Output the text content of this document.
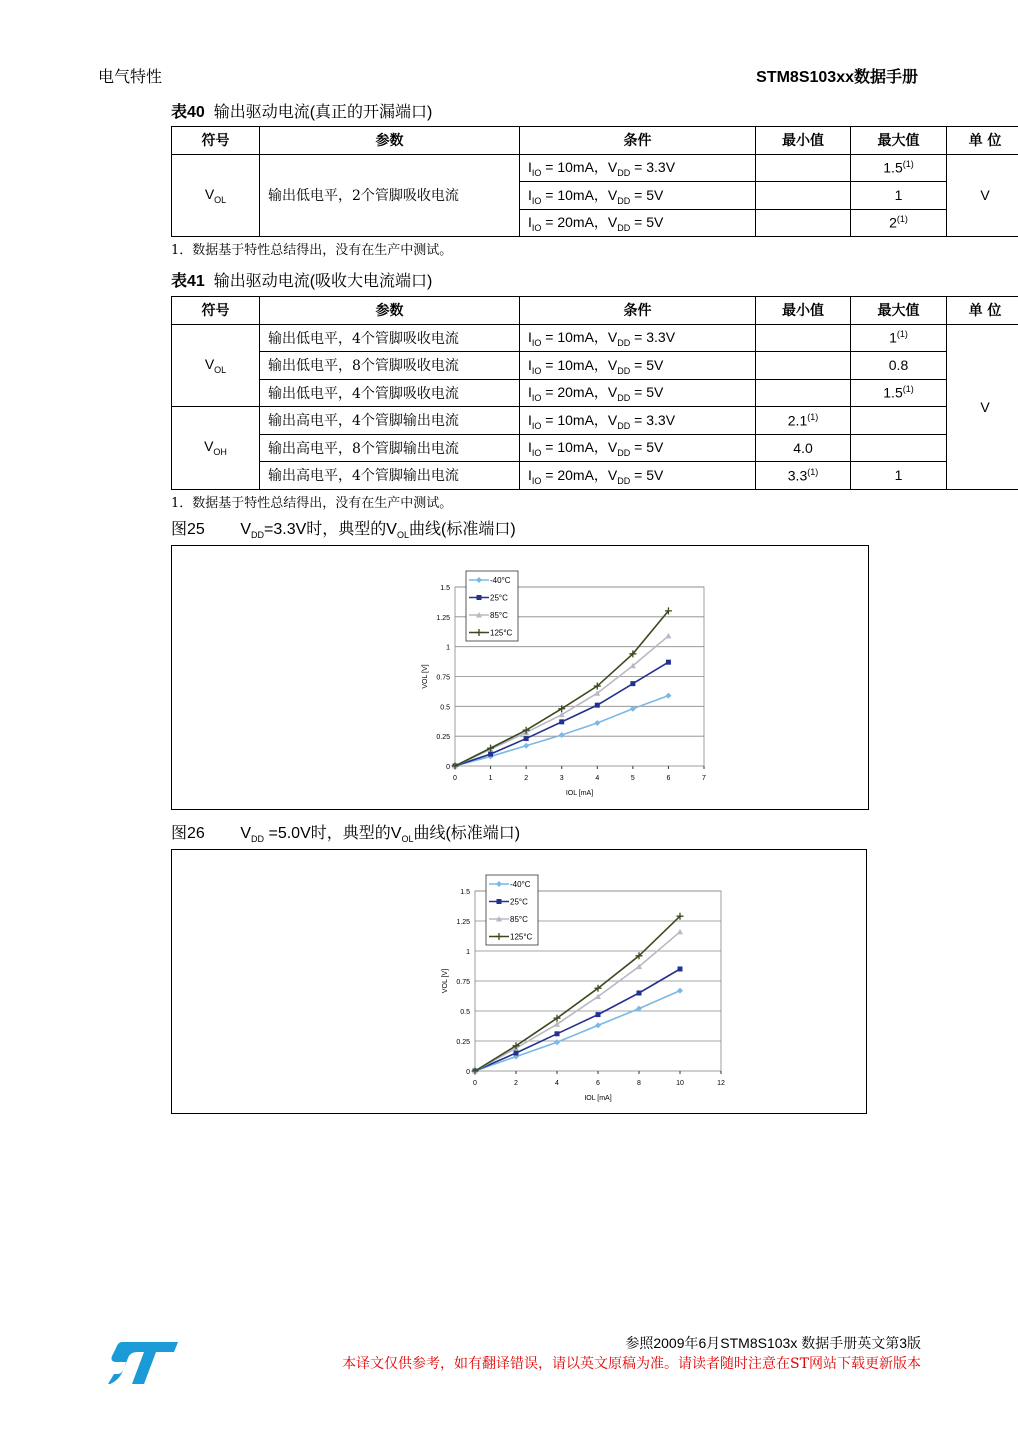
电气特性	STM8S103xx数据手册
表40 输出驱动电流(真正的开漏端口)
符号	参数	条件	最小值	最大值	单 位
$V_{OL}$	输出低电平，2个管脚吸收电流	$I_{IO} = 10mA$，$V_{DD} = 3.3V$		1.5$^{(1)}$	V
		$I_{IO} = 10mA$，$V_{DD} = 5V$		1	
		$I_{IO} = 20mA$，$V_{DD} = 5V$		2$^{(1)}$
1．数据基于特性总结得出，没有在生产中测试。
表41 输出驱动电流(吸收大电流端口)
符号	参数	条件	最小值	最大值	单 位
$V_{OL}$	输出低电平，4个管脚吸收电流	$I_{IO} = 10mA$，$V_{DD} = 3.3V$		1$^{(1)}$	V
	输出低电平，8个管脚吸收电流	$I_{IO} = 10mA$，$V_{DD} = 5V$		0.8	
	输出低电平，4个管脚吸收电流	$I_{IO} = 20mA$，$V_{DD} = 5V$		1.5$^{(1)}$
$V_{OH}$	输出高电平，4个管脚输出电流	$I_{IO} = 10mA$，$V_{DD} = 3.3V$	2.1$^{(1)}$	
	输出高电平，8个管脚输出电流	$I_{IO} = 10mA$，$V_{DD} = 5V$	4.0		
	输出高电平，4个管脚输出电流	$I_{IO} = 20mA$，$V_{DD} = 5V$	3.3$^{(1)}$	1	
1．数据基于特性总结得出，没有在生产中测试。
图25        $V_{DD}=3.3V$时，典型的$V_{OL}$曲线(标准端口)
0
0.25
0.5
0.75
1
1.25
1.5
0	1	2	3	4	5	6	7
IOL [mA]
VOL [V]
-40°C
25°C
85°C
125°C
图26        $V_{DD} =5.0V$时，典型的$V_{OL}$曲线(标准端口)
0
0.25
0.5
0.75
1
1.25
1.5
0	2	4	6	8	10	12
IOL [mA]
VOL [V]
-40°C
25°C
85°C
125°C
参照2009年6月STM8S103x 数据手册英文第3版
本译文仅供参考，如有翻译错误，请以英文原稿为准。请读者随时注意在ST网站下载更新版本
